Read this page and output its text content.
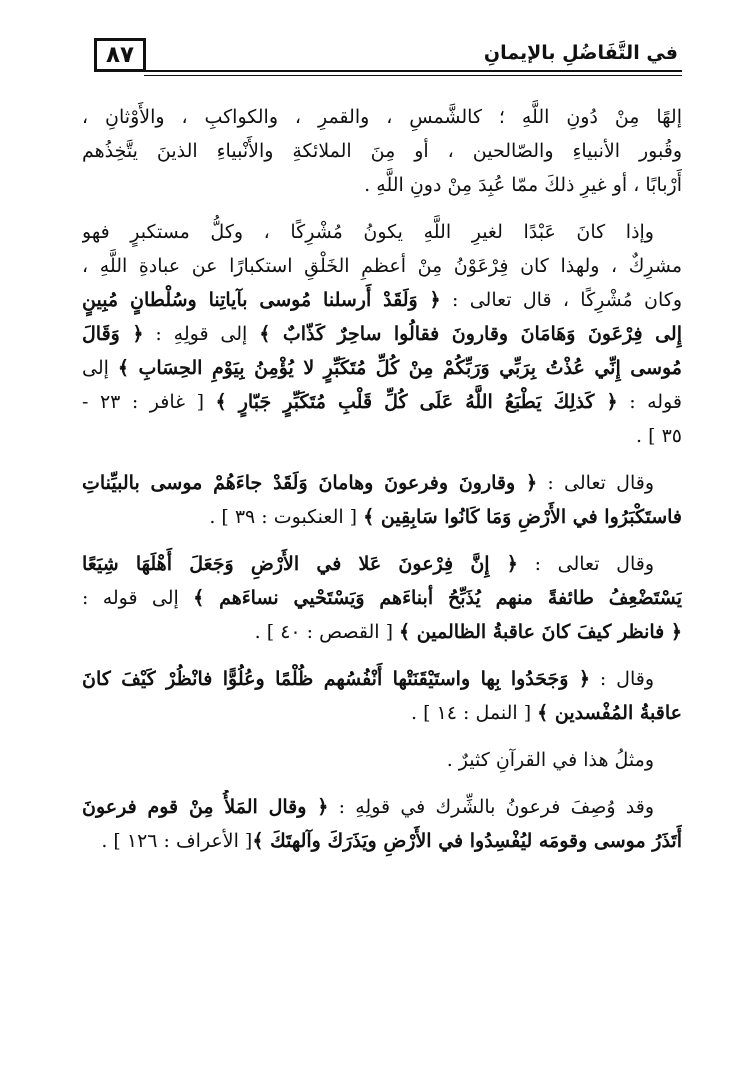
٨٧	في التَّفَاضُلِ بالإيمانِ
إلهًا مِنْ دُونِ اللَّهِ ؛ كالشَّمسِ ، والقمرِ ، والكواكبِ ، والأَوْثانِ ،
وقُبور الأنبياءِ والصّالحين ، أو مِنَ الملائكةِ والأَنْبياءِ الذينَ يتَّخِذُهم
أَرْبابًا ، أو غيرِ ذلكَ ممّا عُبِدَ مِنْ دونِ اللَّهِ .
وإذا كانَ عَبْدًا لغيرِ اللَّهِ يكونُ مُشْرِكًا ، وكلُّ مستكبرٍ فهو
مشرِكٌ ، ولهذا كان فِرْعَوْنُ مِنْ أعظمِ الخَلْقِ استكبارًا عن عبادةِ اللَّهِ ،
وكان مُشْرِكًا ، قال تعالى : ﴿ وَلَقَدْ أَرسلنا مُوسى بآياتِنا وسُلْطانٍ مُبِينٍ
إِلى فِرْعَونَ وَهَامَانَ وقارونَ فقالُوا ساحِرٌ كَذّابٌ ﴾ إلى قولِهِ : ﴿ وَقَالَ
مُوسى إِنِّي عُذْتُ بِرَبِّي وَرَبِّكُمْ مِنْ كُلِّ مُتَكَبِّرٍ لا يُؤْمِنُ بِيَوْمِ الحِسَابِ ﴾ إلى
قوله : ﴿ كَذلِكَ يَطْبَعُ اللَّهُ عَلَى كُلِّ قَلْبِ مُتَكَبِّرٍ جَبّارٍ ﴾ [ غافر : ٢٣ -
٣٥ ] .
وقال تعالى : ﴿ وقارونَ وفرعونَ وهامانَ وَلَقَدْ جاءَهُمْ موسى بالبيِّناتِ
فاستَكْبَرُوا في الأَرْضِ وَمَا كَانُوا سَابِقِين ﴾ [ العنكبوت : ٣٩ ] .
وقال تعالى : ﴿ إِنَّ فِرْعونَ عَلا في الأَرْضِ وَجَعَلَ أَهْلَهَا شِيَعًا
يَسْتَضْعِفُ طائفةً منهم يُذَبِّحُ أبناءَهم وَيَسْتَحْيي نساءَهم ﴾ إلى قوله :
﴿ فانظر كيفَ كانَ عاقبةُ الظالمين ﴾ [ القصص : ٤٠ ] .
وقال : ﴿ وَجَحَدُوا بِها واستَيْقَنَتْها أَنْفُسُهم ظُلْمًا وعُلُوًّا فانْظُرْ كَيْفَ كانَ
عاقبةُ المُفْسدين ﴾ [ النمل : ١٤ ] .
ومثلُ هذا في القرآنِ كثيرٌ .
وقد وُصِفَ فرعونُ بالشِّرك في قولِهِ : ﴿ وقال المَلأُ مِنْ قوم فرعونَ
أَتَذَرُ موسى وقومَه ليُفْسِدُوا في الأَرْضِ ويَذَرَكَ وآلهتَكَ ﴾[ الأعراف : ١٢٦ ] .
